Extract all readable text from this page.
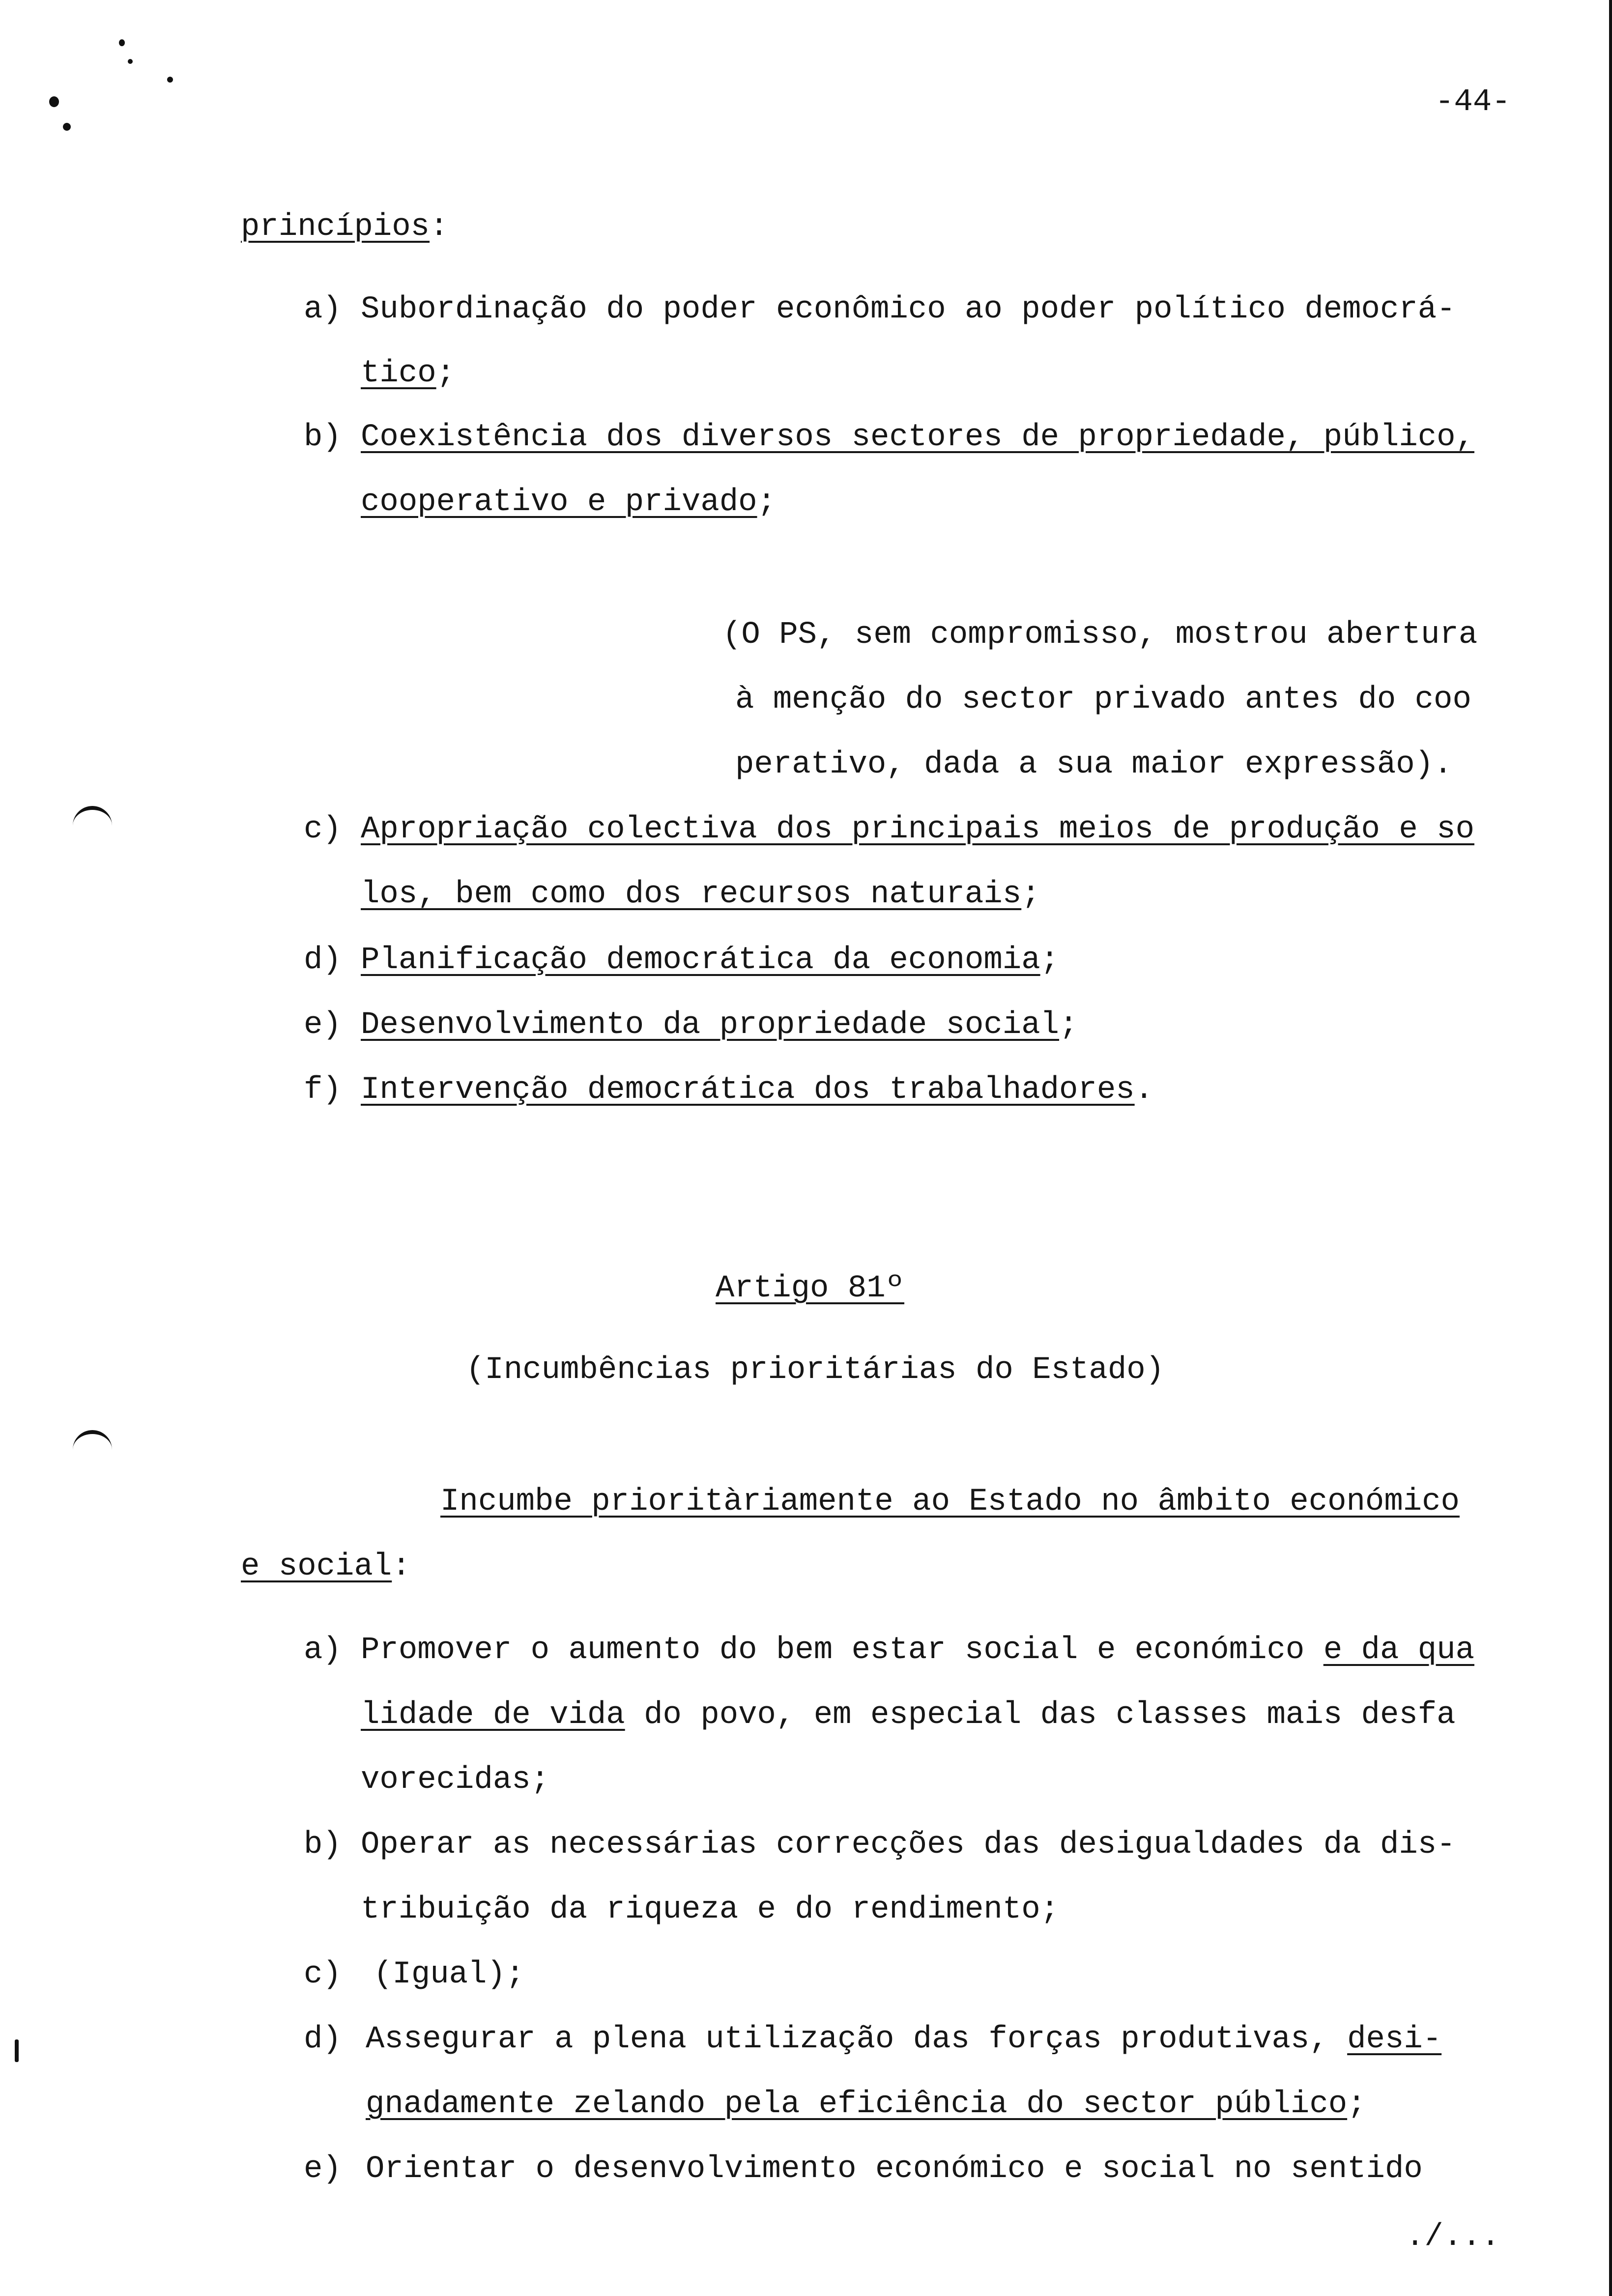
-44-
princípios:
a) Subordinação do poder econômico ao poder político democrá-
tico;
b) Coexistência dos diversos sectores de propriedade, público,
cooperativo e privado;
(O PS, sem compromisso, mostrou abertura
à menção do sector privado antes do coo
perativo, dada a sua maior expressão).
c) Apropriação colectiva dos principais meios de produção e so
los, bem como dos recursos naturais;
d) Planificação democrática da economia;
e) Desenvolvimento da propriedade social;
f) Intervenção democrática dos trabalhadores.
Artigo 81º
(Incumbências prioritárias do Estado)
Incumbe prioritàriamente ao Estado no âmbito económico
e social:
a) Promover o aumento do bem estar social e económico e da qua
lidade de vida do povo, em especial das classes mais desfa
vorecidas;
b) Operar as necessárias correcções das desigualdades da dis-
tribuição da riqueza e do rendimento;
c) (Igual);
d) Assegurar a plena utilização das forças produtivas, desi-
gnadamente zelando pela eficiência do sector público;
e) Orientar o desenvolvimento económico e social no sentido
./...
